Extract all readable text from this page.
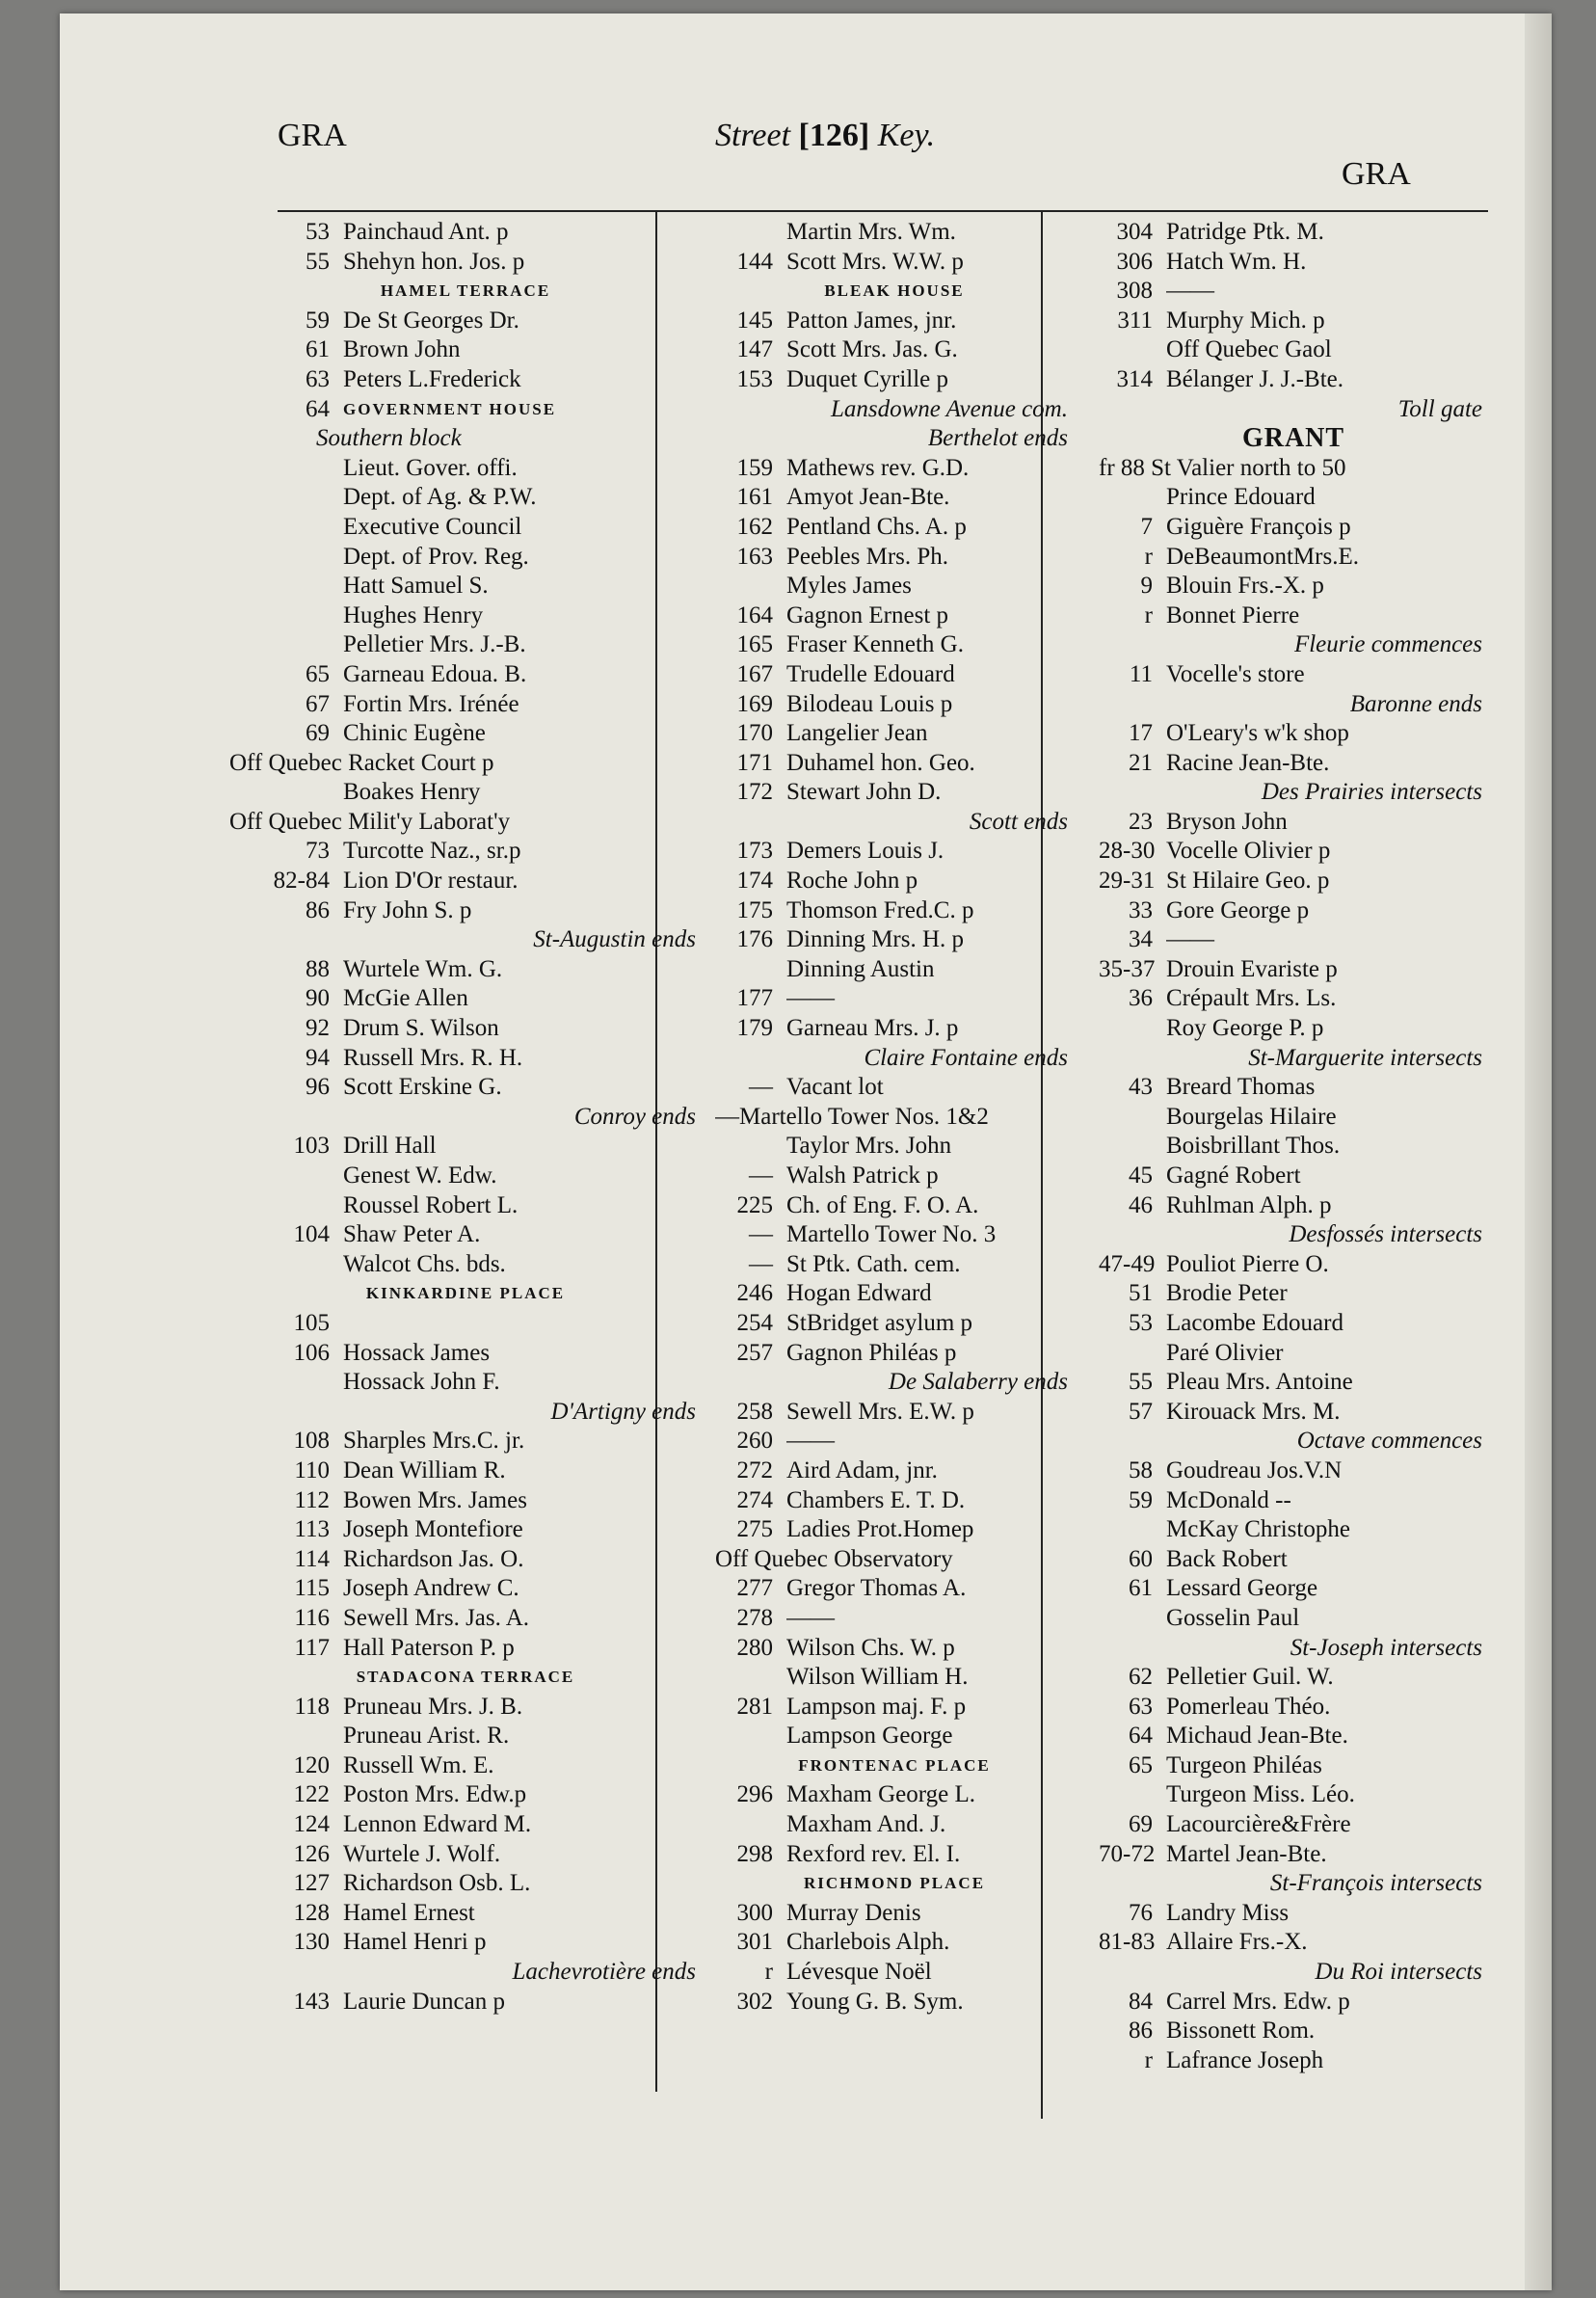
GRA	Street [126] Key.
GRA
53 Painchaud Ant. p
55 Shehyn hon. Jos. p
HAMEL TERRACE
59 De St Georges Dr.
61 Brown John
63 Peters L.Frederick
64 GOVERNMENT HOUSE
Southern block
Lieut. Gover. offi.
Dept. of Ag. & P.W.
Executive Council
Dept. of Prov. Reg.
Hatt Samuel S.
Hughes Henry
Pelletier Mrs. J.-B.
65 Garneau Edoua. B.
67 Fortin Mrs. Irénée
69 Chinic Eugène
Off Quebec Racket Court p
Boakes Henry
Off Quebec Milit'y Laborat'y
73 Turcotte Naz., sr.p
82-84 Lion D'Or restaur.
86 Fry John S. p
St-Augustin ends
88 Wurtele Wm. G.
90 McGie Allen
92 Drum S. Wilson
94 Russell Mrs. R. H.
96 Scott Erskine G.
Conroy ends
103 Drill Hall
Genest W. Edw.
Roussel Robert L.
104 Shaw Peter A.
Walcot Chs. bds.
KINKARDINE PLACE
105
106 Hossack James
Hossack John F.
D'Artigny ends
108 Sharples Mrs.C. jr.
110 Dean William R.
112 Bowen Mrs. James
113 Joseph Montefiore
114 Richardson Jas. O.
115 Joseph Andrew C.
116 Sewell Mrs. Jas. A.
117 Hall Paterson P. p
STADACONA TERRACE
118 Pruneau Mrs. J. B.
Pruneau Arist. R.
120 Russell Wm. E.
122 Poston Mrs. Edw.p
124 Lennon Edward M.
126 Wurtele J. Wolf.
127 Richardson Osb. L.
128 Hamel Ernest
130 Hamel Henri p
Lachevrotière ends
143 Laurie Duncan p
Martin Mrs. Wm.
144 Scott Mrs. W.W. p
BLEAK HOUSE
145 Patton James, jnr.
147 Scott Mrs. Jas. G.
153 Duquet Cyrille p
Lansdowne Avenue com.
Berthelot ends
159 Mathews rev. G.D.
161 Amyot Jean-Bte.
162 Pentland Chs. A. p
163 Peebles Mrs. Ph.
Myles James
164 Gagnon Ernest p
165 Fraser Kenneth G.
167 Trudelle Edouard
169 Bilodeau Louis p
170 Langelier Jean
171 Duhamel hon. Geo.
172 Stewart John D.
Scott ends
173 Demers Louis J.
174 Roche John p
175 Thomson Fred.C. p
176 Dinning Mrs. H. p
Dinning Austin
177 ——
179 Garneau Mrs. J. p
Claire Fontaine ends
— Vacant lot
—Martello Tower Nos. 1&2
Taylor Mrs. John
— Walsh Patrick p
225 Ch. of Eng. F. O. A.
— Martello Tower No. 3
— St Ptk. Cath. cem.
246 Hogan Edward
254 StBridget asylum p
257 Gagnon Philéas p
De Salaberry ends
258 Sewell Mrs. E.W. p
260 ——
272 Aird Adam, jnr.
274 Chambers E. T. D.
275 Ladies Prot.Homep
Off Quebec Observatory
277 Gregor Thomas A.
278 ——
280 Wilson Chs. W. p
Wilson William H.
281 Lampson maj. F. p
Lampson George
FRONTENAC PLACE
296 Maxham George L.
Maxham And. J.
298 Rexford rev. El. I.
RICHMOND PLACE
300 Murray Denis
301 Charlebois Alph.
r Lévesque Noël
302 Young G. B. Sym.
304 Patridge Ptk. M.
306 Hatch Wm. H.
308 ——
311 Murphy Mich. p
Off Quebec Gaol
314 Bélanger J. J.-Bte.
Toll gate
GRANT
fr 88 St Valier north to 50
Prince Edouard
7 Giguère François p
r DeBeaumontMrs.E.
9 Blouin Frs.-X. p
r Bonnet Pierre
Fleurie commences
11 Vocelle's store
Baronne ends
17 O'Leary's w'k shop
21 Racine Jean-Bte.
Des Prairies intersects
23 Bryson John
28-30 Vocelle Olivier p
29-31 St Hilaire Geo. p
33 Gore George p
34 ——
35-37 Drouin Evariste p
36 Crépault Mrs. Ls.
Roy George P. p
St-Marguerite intersects
43 Breard Thomas
Bourgelas Hilaire
Boisbrillant Thos.
45 Gagné Robert
46 Ruhlman Alph. p
Desfossés intersects
47-49 Pouliot Pierre O.
51 Brodie Peter
53 Lacombe Edouard
Paré Olivier
55 Pleau Mrs. Antoine
57 Kirouack Mrs. M.
Octave commences
58 Goudreau Jos.V.N
59 McDonald --
McKay Christophe
60 Back Robert
61 Lessard George
Gosselin Paul
St-Joseph intersects
62 Pelletier Guil. W.
63 Pomerleau Théo.
64 Michaud Jean-Bte.
65 Turgeon Philéas
Turgeon Miss. Léo.
69 Lacourcière&Frère
70-72 Martel Jean-Bte.
St-François intersects
76 Landry Miss
81-83 Allaire Frs.-X.
Du Roi intersects
84 Carrel Mrs. Edw. p
86 Bissonett Rom.
r Lafrance Joseph
